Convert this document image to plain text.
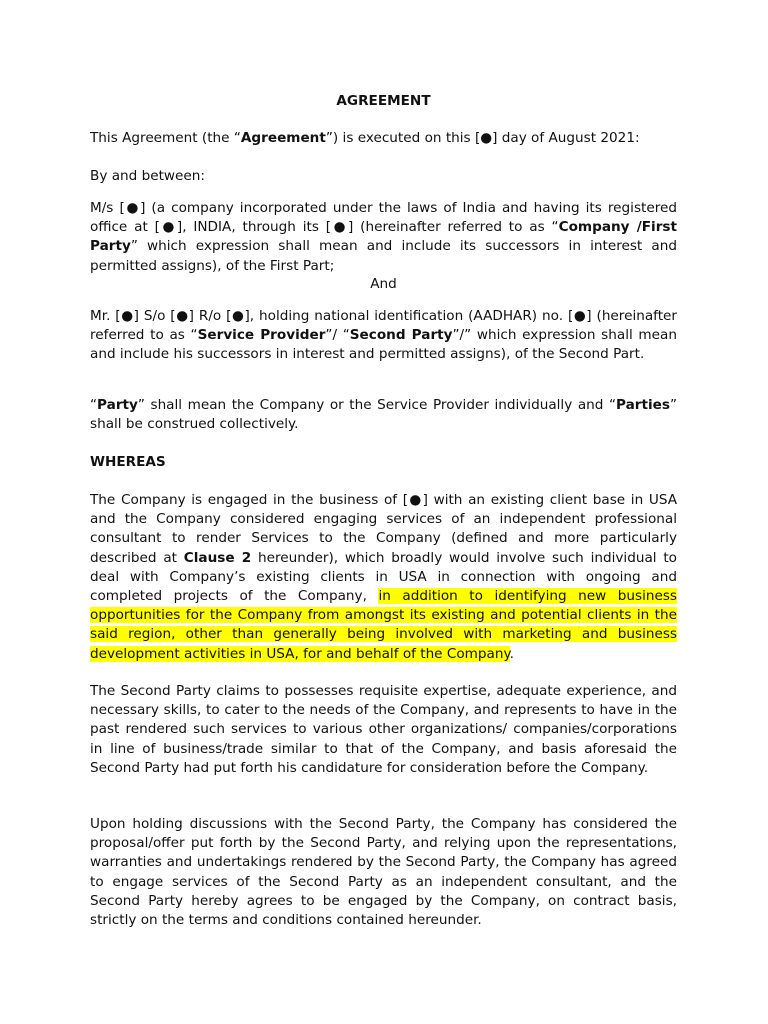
AGREEMENT
This Agreement (the “Agreement”) is executed on this [●] day of August 2021:
By and between:
M/s [●] (a company incorporated under the laws of India and having its registered office at [●], INDIA, through its [●] (hereinafter referred to as “Company /First Party” which expression shall mean and include its successors in interest and permitted assigns), of the First Part;
And
Mr. [●] S/o [●] R/o [●], holding national identification (AADHAR) no. [●] (hereinafter referred to as “Service Provider”/ “Second Party”/” which expression shall mean and include his successors in interest and permitted assigns), of the Second Part.
“Party” shall mean the Company or the Service Provider individually and “Parties” shall be construed collectively.
WHEREAS
The Company is engaged in the business of [●] with an existing client base in USA and the Company considered engaging services of an independent professional consultant to render Services to the Company (defined and more particularly described at Clause 2 hereunder), which broadly would involve such individual to deal with Company’s existing clients in USA in connection with ongoing and completed projects of the Company, in addition to identifying new business opportunities for the Company from amongst its existing and potential clients in the said region, other than generally being involved with marketing and business development activities in USA, for and behalf of the Company.
The Second Party claims to possesses requisite expertise, adequate experience, and necessary skills, to cater to the needs of the Company, and represents to have in the past rendered such services to various other organizations/ companies/corporations in line of business/trade similar to that of the Company, and basis aforesaid the Second Party had put forth his candidature for consideration before the Company.
Upon holding discussions with the Second Party, the Company has considered the proposal/offer put forth by the Second Party, and relying upon the representations, warranties and undertakings rendered by the Second Party, the Company has agreed to engage services of the Second Party as an independent consultant, and the Second Party hereby agrees to be engaged by the Company, on contract basis, strictly on the terms and conditions contained hereunder.
